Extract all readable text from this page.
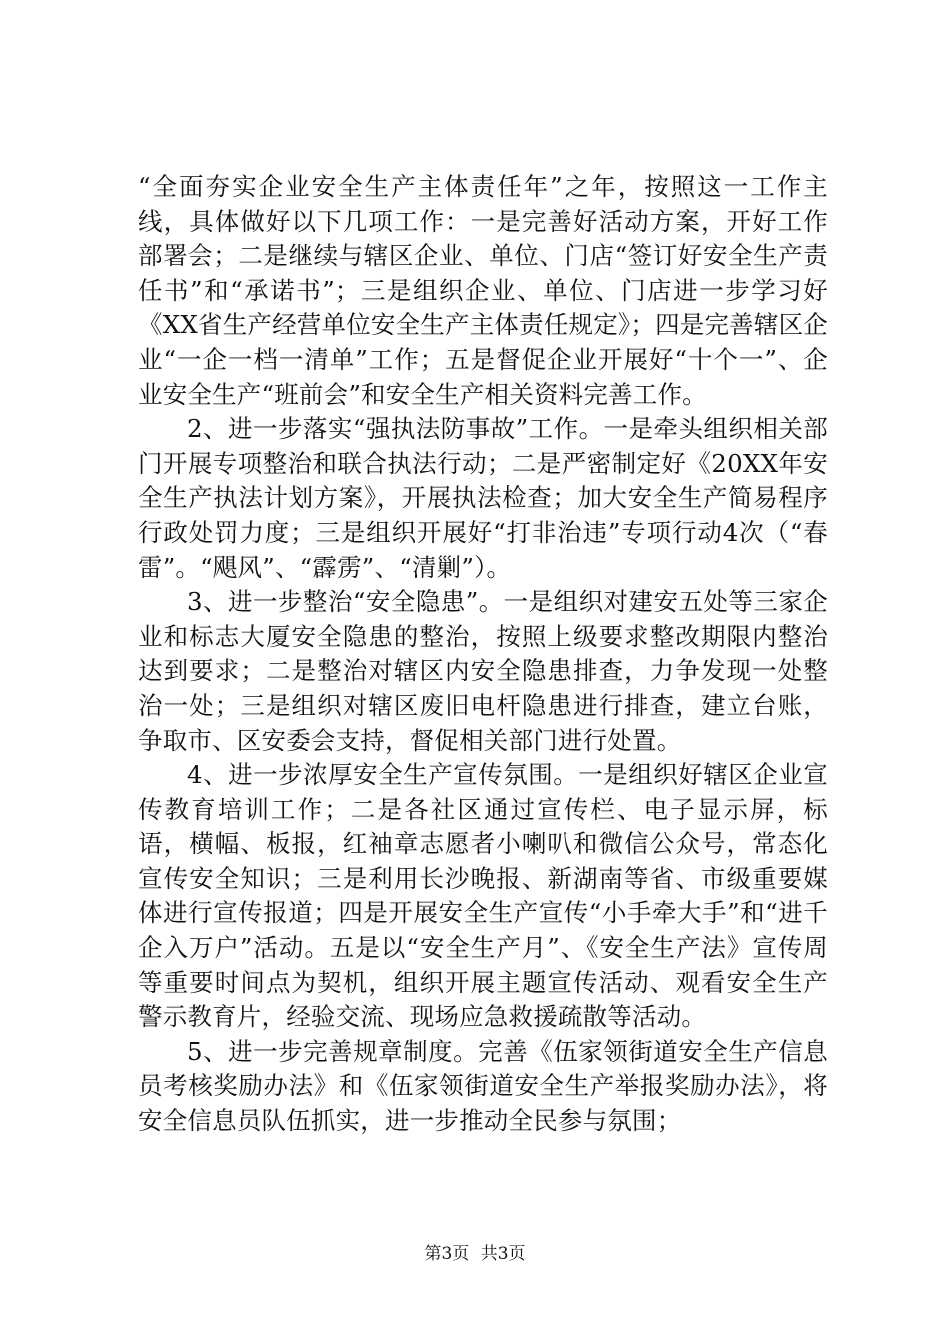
“全面夯实企业安全生产主体责任年”之年，按照这一工作主线，具体做好以下几项工作：一是完善好活动方案，开好工作部署会；二是继续与辖区企业、单位、门店“签订好安全生产责任书”和“承诺书”；三是组织企业、单位、门店进一步学习好《XX省生产经营单位安全生产主体责任规定》；四是完善辖区企业“一企一档一清单”工作；五是督促企业开展好“十个一”、企业安全生产“班前会”和安全生产相关资料完善工作。

2、进一步落实“强执法防事故”工作。一是牵头组织相关部门开展专项整治和联合执法行动；二是严密制定好《20XX年安全生产执法计划方案》，开展执法检查；加大安全生产简易程序行政处罚力度；三是组织开展好“打非治违”专项行动4次（“春雷”。“飓风”、“霹雳”、“清剿”）。

3、进一步整治“安全隐患”。一是组织对建安五处等三家企业和标志大厦安全隐患的整治，按照上级要求整改期限内整治达到要求；二是整治对辖区内安全隐患排查，力争发现一处整治一处；三是组织对辖区废旧电杆隐患进行排查，建立台账，争取市、区安委会支持，督促相关部门进行处置。

4、进一步浓厚安全生产宣传氛围。一是组织好辖区企业宣传教育培训工作；二是各社区通过宣传栏、电子显示屏，标语，横幅、板报，红袖章志愿者小喇叭和微信公众号，常态化宣传安全知识；三是利用长沙晚报、新湖南等省、市级重要媒体进行宣传报道；四是开展安全生产宣传“小手牵大手”和“进千企入万户”活动。五是以“安全生产月”、《安全生产法》宣传周等重要时间点为契机，组织开展主题宣传活动、观看安全生产警示教育片，经验交流、现场应急救援疏散等活动。

5、进一步完善规章制度。完善《伍家领街道安全生产信息员考核奖励办法》和《伍家领街道安全生产举报奖励办法》，将安全信息员队伍抓实，进一步推动全民参与氛围；

第3页 共3页
